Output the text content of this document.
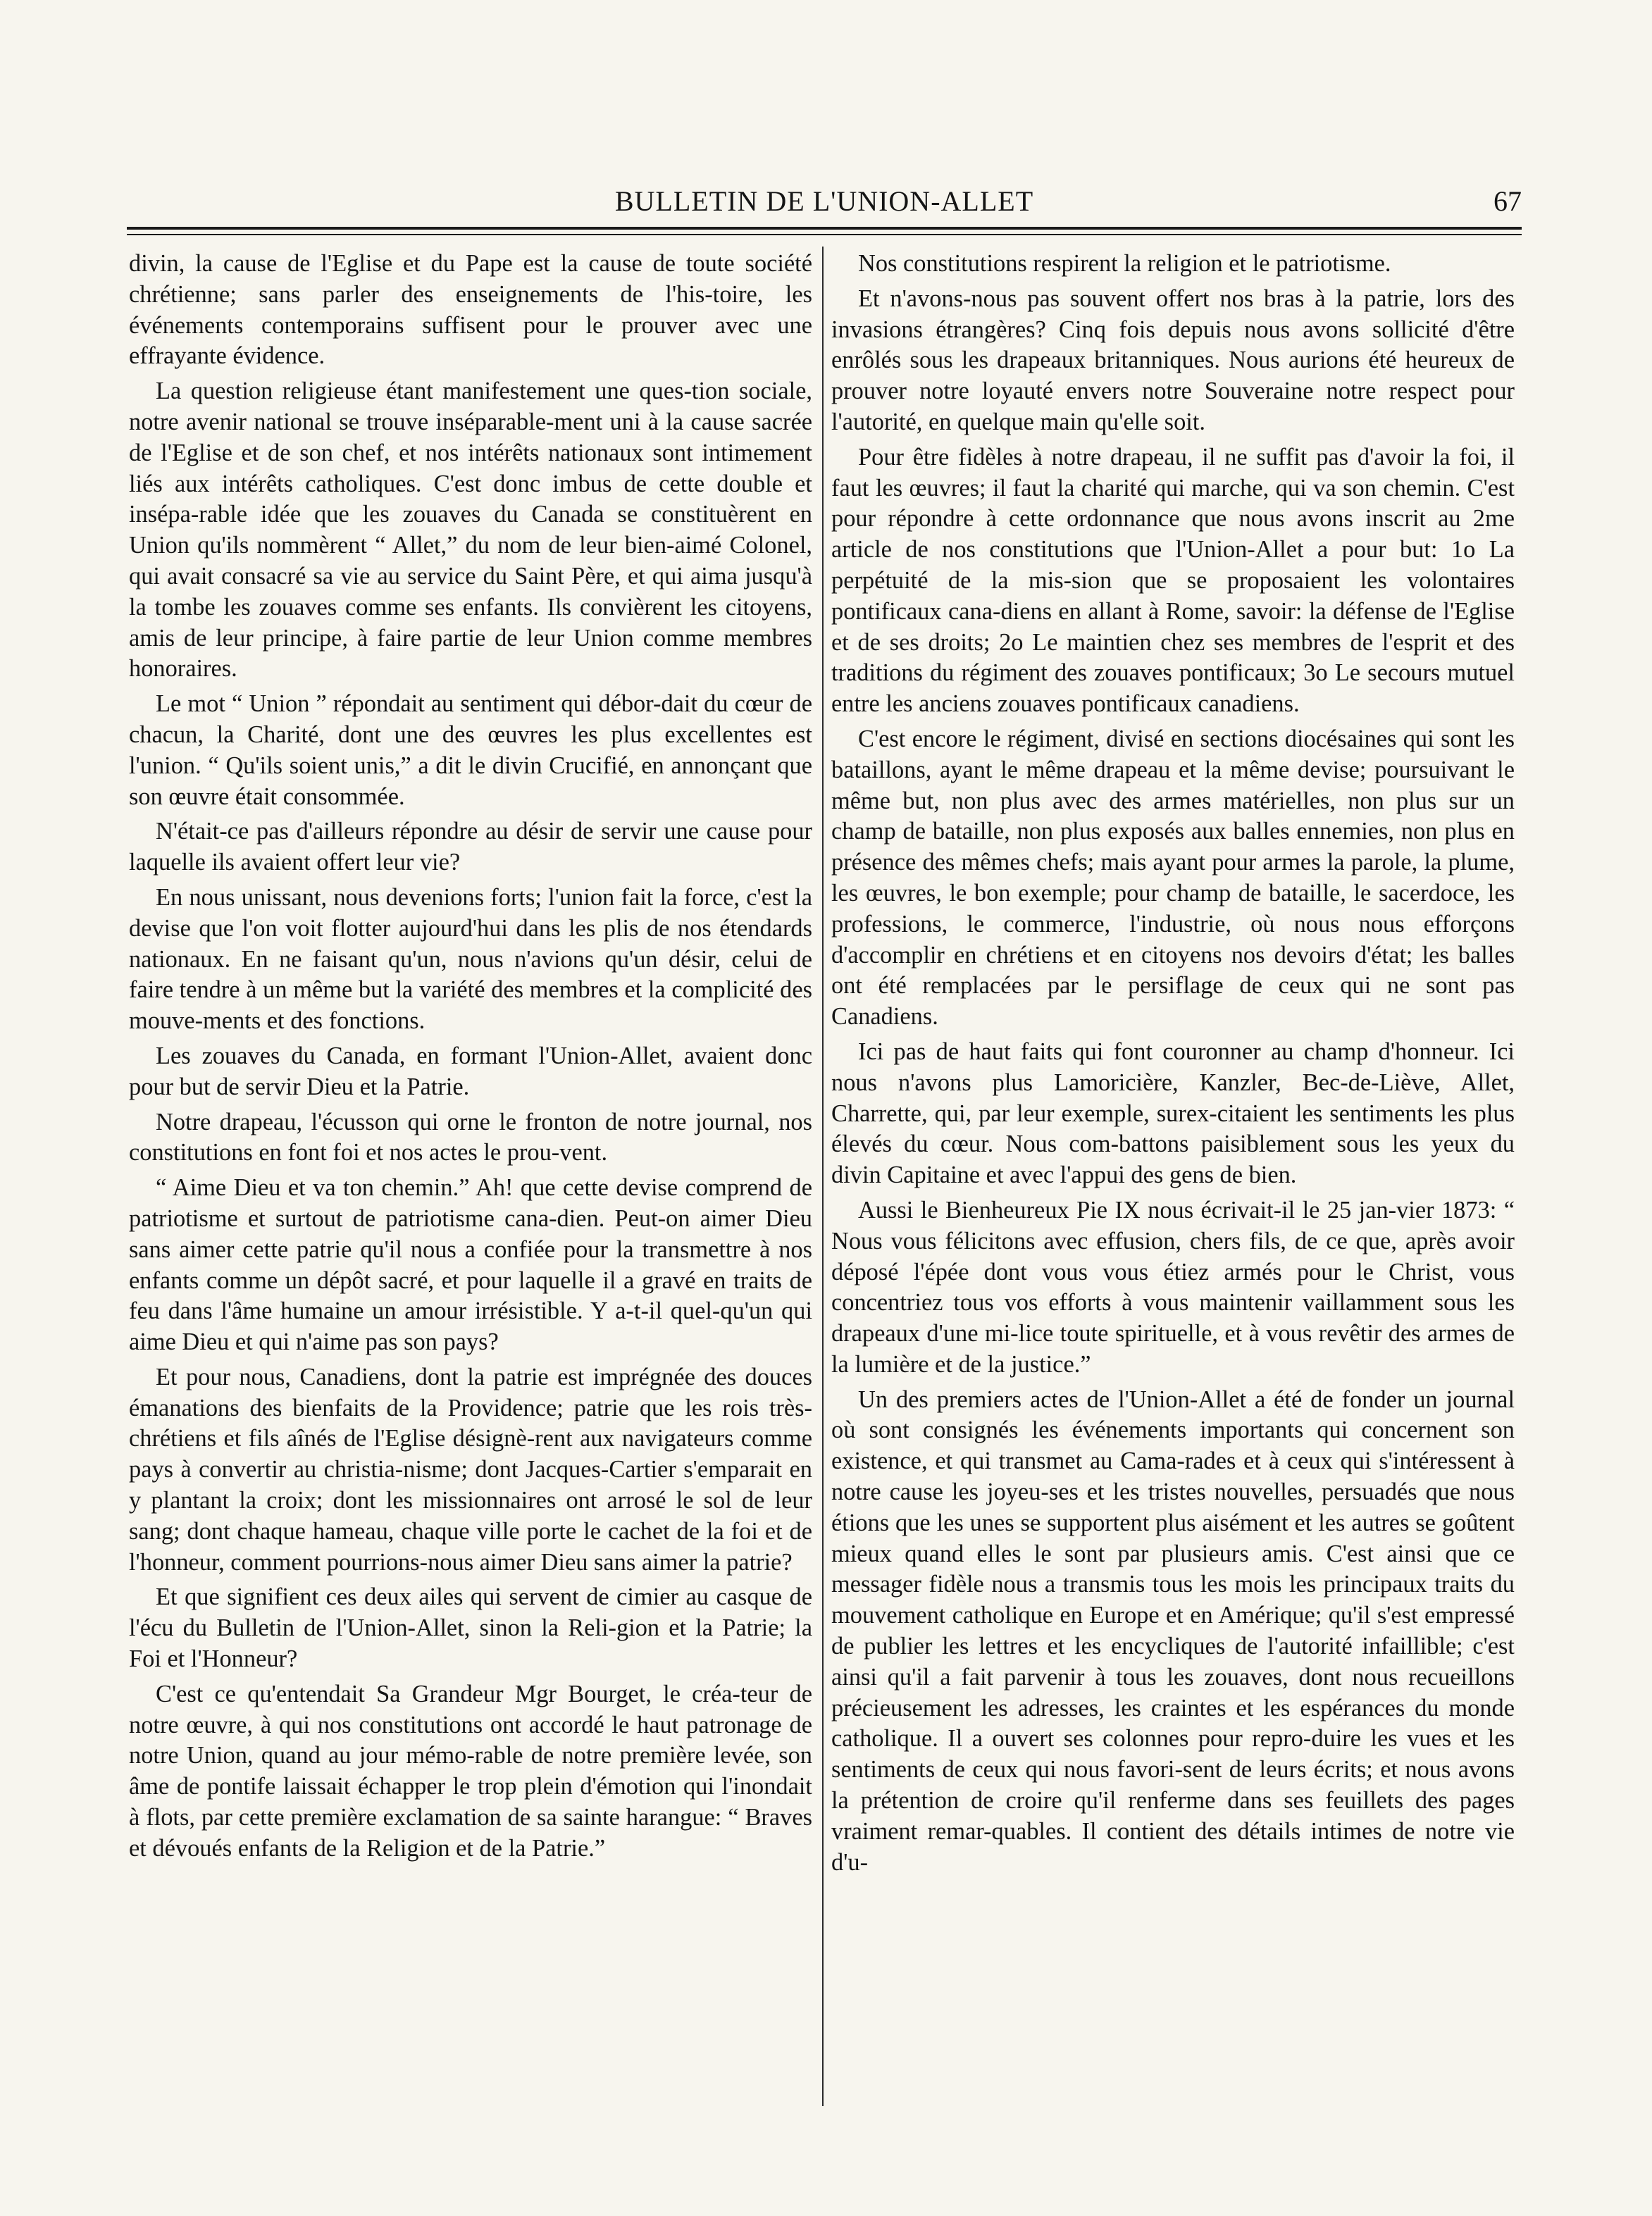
BULLETIN DE L'UNION-ALLET	67

divin, la cause de l'Eglise et du Pape est la cause de toute société chrétienne; sans parler des enseignements de l'his-toire, les événements contemporains suffisent pour le prouver avec une effrayante évidence.

La question religieuse étant manifestement une ques-tion sociale, notre avenir national se trouve inséparable-ment uni à la cause sacrée de l'Eglise et de son chef, et nos intérêts nationaux sont intimement liés aux intérêts catholiques. C'est donc imbus de cette double et insépa-rable idée que les zouaves du Canada se constituèrent en Union qu'ils nommèrent “ Allet,” du nom de leur bien-aimé Colonel, qui avait consacré sa vie au service du Saint Père, et qui aima jusqu'à la tombe les zouaves comme ses enfants. Ils convièrent les citoyens, amis de leur principe, à faire partie de leur Union comme membres honoraires.

Le mot “ Union ” répondait au sentiment qui débor-dait du cœur de chacun, la Charité, dont une des œuvres les plus excellentes est l'union. “ Qu'ils soient unis,” a dit le divin Crucifié, en annonçant que son œuvre était consommée.

N'était-ce pas d'ailleurs répondre au désir de servir une cause pour laquelle ils avaient offert leur vie?

En nous unissant, nous devenions forts; l'union fait la force, c'est la devise que l'on voit flotter aujourd'hui dans les plis de nos étendards nationaux. En ne faisant qu'un, nous n'avions qu'un désir, celui de faire tendre à un même but la variété des membres et la complicité des mouve-ments et des fonctions.

Les zouaves du Canada, en formant l'Union-Allet, avaient donc pour but de servir Dieu et la Patrie.

Notre drapeau, l'écusson qui orne le fronton de notre journal, nos constitutions en font foi et nos actes le prou-vent.

“ Aime Dieu et va ton chemin.” Ah! que cette devise comprend de patriotisme et surtout de patriotisme cana-dien. Peut-on aimer Dieu sans aimer cette patrie qu'il nous a confiée pour la transmettre à nos enfants comme un dépôt sacré, et pour laquelle il a gravé en traits de feu dans l'âme humaine un amour irrésistible. Y a-t-il quel-qu'un qui aime Dieu et qui n'aime pas son pays?

Et pour nous, Canadiens, dont la patrie est imprégnée des douces émanations des bienfaits de la Providence; patrie que les rois très-chrétiens et fils aînés de l'Eglise désignè-rent aux navigateurs comme pays à convertir au christia-nisme; dont Jacques-Cartier s'emparait en y plantant la croix; dont les missionnaires ont arrosé le sol de leur sang; dont chaque hameau, chaque ville porte le cachet de la foi et de l'honneur, comment pourrions-nous aimer Dieu sans aimer la patrie?

Et que signifient ces deux ailes qui servent de cimier au casque de l'écu du Bulletin de l'Union-Allet, sinon la Reli-gion et la Patrie; la Foi et l'Honneur?

C'est ce qu'entendait Sa Grandeur Mgr Bourget, le créa-teur de notre œuvre, à qui nos constitutions ont accordé le haut patronage de notre Union, quand au jour mémo-rable de notre première levée, son âme de pontife laissait échapper le trop plein d'émotion qui l'inondait à flots, par cette première exclamation de sa sainte harangue: “ Braves et dévoués enfants de la Religion et de la Patrie.”

Nos constitutions respirent la religion et le patriotisme.

Et n'avons-nous pas souvent offert nos bras à la patrie, lors des invasions étrangères? Cinq fois depuis nous avons sollicité d'être enrôlés sous les drapeaux britanniques. Nous aurions été heureux de prouver notre loyauté envers notre Souveraine notre respect pour l'autorité, en quelque main qu'elle soit.

Pour être fidèles à notre drapeau, il ne suffit pas d'avoir la foi, il faut les œuvres; il faut la charité qui marche, qui va son chemin. C'est pour répondre à cette ordonnance que nous avons inscrit au 2me article de nos constitutions que l'Union-Allet a pour but: 1o La perpétuité de la mis-sion que se proposaient les volontaires pontificaux cana-diens en allant à Rome, savoir: la défense de l'Eglise et de ses droits; 2o Le maintien chez ses membres de l'esprit et des traditions du régiment des zouaves pontificaux; 3o Le secours mutuel entre les anciens zouaves pontificaux canadiens.

C'est encore le régiment, divisé en sections diocésaines qui sont les bataillons, ayant le même drapeau et la même devise; poursuivant le même but, non plus avec des armes matérielles, non plus sur un champ de bataille, non plus exposés aux balles ennemies, non plus en présence des mêmes chefs; mais ayant pour armes la parole, la plume, les œuvres, le bon exemple; pour champ de bataille, le sacerdoce, les professions, le commerce, l'industrie, où nous nous efforçons d'accomplir en chrétiens et en citoyens nos devoirs d'état; les balles ont été remplacées par le persiflage de ceux qui ne sont pas Canadiens.

Ici pas de haut faits qui font couronner au champ d'honneur. Ici nous n'avons plus Lamoricière, Kanzler, Bec-de-Liève, Allet, Charrette, qui, par leur exemple, surex-citaient les sentiments les plus élevés du cœur. Nous com-battons paisiblement sous les yeux du divin Capitaine et avec l'appui des gens de bien.

Aussi le Bienheureux Pie IX nous écrivait-il le 25 jan-vier 1873: “ Nous vous félicitons avec effusion, chers fils, de ce que, après avoir déposé l'épée dont vous vous étiez armés pour le Christ, vous concentriez tous vos efforts à vous maintenir vaillamment sous les drapeaux d'une mi-lice toute spirituelle, et à vous revêtir des armes de la lumière et de la justice.”

Un des premiers actes de l'Union-Allet a été de fonder un journal où sont consignés les événements importants qui concernent son existence, et qui transmet au Cama-rades et à ceux qui s'intéressent à notre cause les joyeu-ses et les tristes nouvelles, persuadés que nous étions que les unes se supportent plus aisément et les autres se goûtent mieux quand elles le sont par plusieurs amis. C'est ainsi que ce messager fidèle nous a transmis tous les mois les principaux traits du mouvement catholique en Europe et en Amérique; qu'il s'est empressé de publier les lettres et les encycliques de l'autorité infaillible; c'est ainsi qu'il a fait parvenir à tous les zouaves, dont nous recueillons précieusement les adresses, les craintes et les espérances du monde catholique. Il a ouvert ses colonnes pour repro-duire les vues et les sentiments de ceux qui nous favori-sent de leurs écrits; et nous avons la prétention de croire qu'il renferme dans ses feuillets des pages vraiment remar-quables. Il contient des détails intimes de notre vie d'u-
